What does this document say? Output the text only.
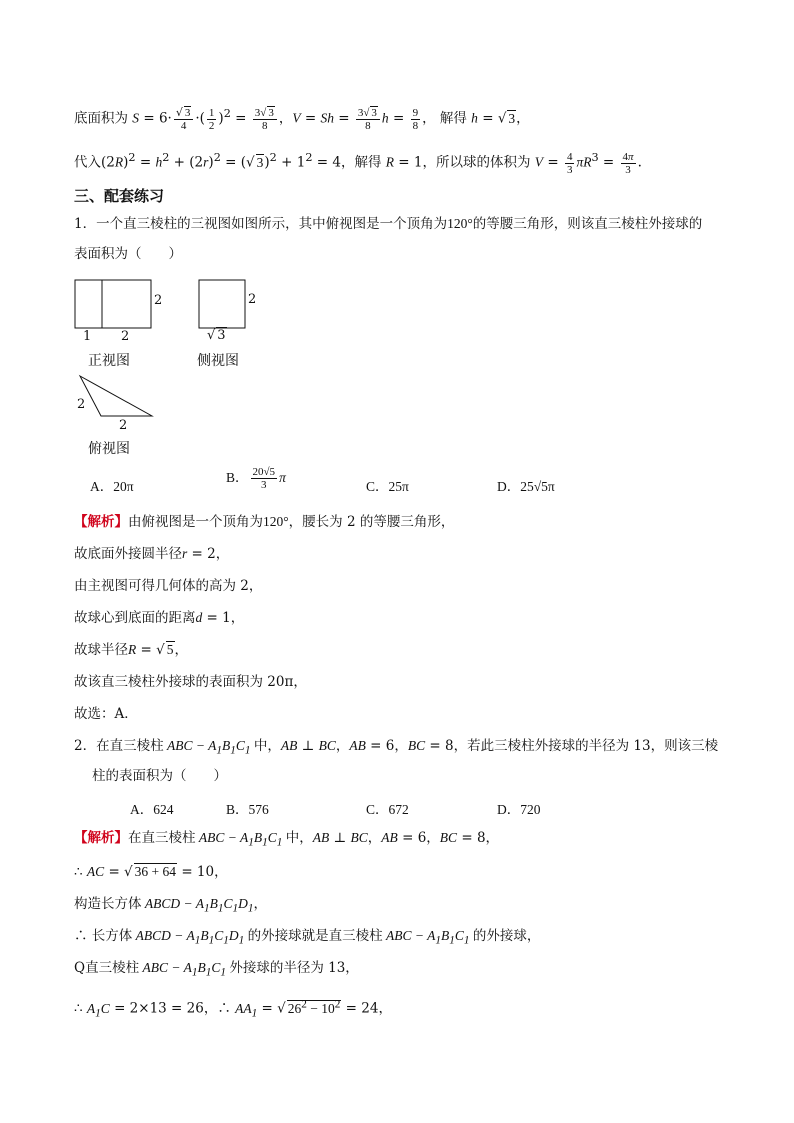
底面积为 $S = 6\cdot \frac{√ 3}{4}$ ·( $\frac{1}{2} )^2 = \frac{3√ 3}{8}$ ，$V = Sh = \frac{3√ 3}{8}$ $h = \frac{9}{8}$ ， 解得 h = √ 3，
代入$(2R)^2 = h^2 + (2r)^2$ = (√ $3)^2 + 1^2 = 4$，解得 R = 1，所以球的体积为 $V = \frac{4}{3} \pi R^3 = \frac{4\pi}{3}$ .
三、配套练习
1．一个直三棱柱的三视图如图所示，其中俯视图是一个顶角为120°的等腰三角形，则该直三棱柱外接球的
表面积为（　　）
2
1 2
2
√ 3
正视图	侧视图
2
2
俯视图
A．20π
B． $\frac{20√5}{3}$ π
C．25π	D．25√5π
【解析】由俯视图是一个顶角为120°，腰长为 2 的等腰三角形，
故底面外接圆半径r = 2，
由主视图可得几何体的高为 2，
故球心到底面的距离d = 1，
故球半径R = √ 5，
故该直三棱柱外接球的表面积为 20π，
故选：A．
2．在直三棱柱 ABC − $A_1B_1C_1$ 中，AB ⊥ BC，AB = 6，BC = 8，若此三棱柱外接球的半径为 13，则该三棱
柱的表面积为（　　）
A．624	B．576	C．672	D．720
【解析】在直三棱柱 ABC − $A_1B_1C_1$ 中，AB ⊥ BC，AB = 6，BC = 8，
∴ AC = √ 36 + 64 = 10，
构造长方体 ABCD − $A_1B_1C_1D_1$，
∴ 长方体 ABCD − $A_1B_1C_1D_1$ 的外接球就是直三棱柱 ABC − $A_1B_1C_1$ 的外接球，
Q直三棱柱 ABC − $A_1B_1C_1$ 外接球的半径为 13，
∴ $A_1C = 2\times 13 = 26$，∴ $AA_1$ = √ $26^2 - 10^2 = 24$，
